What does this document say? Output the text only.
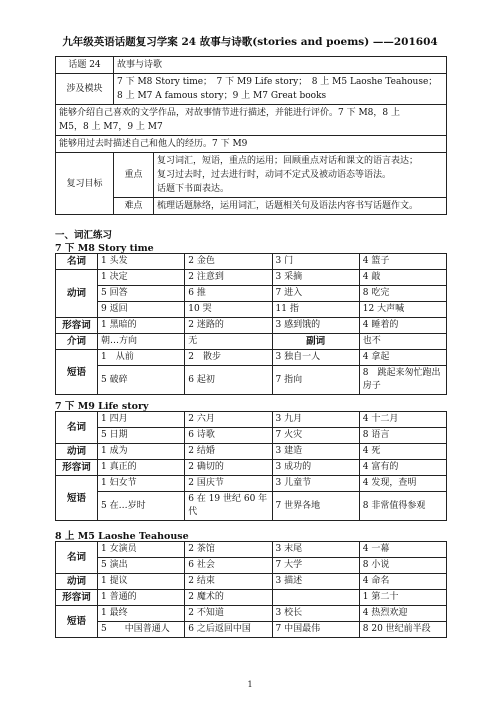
九年级英语话题复习学案 24 故事与诗歌(stories and poems) ——201604
话题 24	故事与诗歌	
涉及模块	7 下 M8 Story time；　7 下 M9 Life story；　8 上 M5 Laoshe Teahouse；
8 上 M7 A famous story；9 上 M7 Great books	

能够介绍自己喜欢的文学作品，对故事情节进行描述，并能进行评价。7 下 M8，8 上
M5，8 上 M7，9 上 M7		

能够用过去时描述自己和他人的经历。7 下 M9		
复习目标	重点	复习词汇，短语，重点的运用；回顾重点对话和课文的语言表达；
复习过去时，过去进行时，动词不定式及被动语态等语法。
话题下书面表达。

	难点	梳理话题脉络，运用词汇，话题相关句及语法内容书写话题作文。
一、词汇练习
7 下 M8 Story time
名词	1 头发	2 金色	3 门	4 篮子
动词	1 决定	2 注意到	3 采摘	4 敲
	5 回答	6 推	7 进入	8 吃完
	9 返回	10 哭	11 指	12 大声喊
形容词	1 黑暗的	2 迷路的	3 感到饿的	4 睡着的
介词	朝…方向	无	副词	也不
短语	1　从前	2　散步	3 独自一人	4 拿起
	5 破碎	6 起初	7 指向	8　跳起来匆忙跑出房子
7 下 M9 Life story
名词	1 四月	2 六月	3 九月	4 十二月
	5 日期	6 诗歌	7 火灾	8 语言
动词	1 成为	2 结婚	3 建造	4 死
形容词	1 真正的	2 确切的	3 成功的	4 富有的
短语	1 妇女节	2 国庆节	3 儿童节	4 发现，查明
	5 在…岁时	6 在 19 世纪 60 年代	7 世界各地	8 非常值得参观
8 上 M5 Laoshe Teahouse
名词	1 女演员	2 茶馆	3 末尾	4 一幕
	5 演出	6 社会	7 大学	8 小说
动词	1 提议	2 结束	3 描述	4 命名
形容词	1 普通的	2 魔术的		1 第二十
短语	1 最终	2 不知道	3 校长	4 热烈欢迎
	5　　中国普通人	6 之后返回中国	7 中国最伟	8 20 世纪前半段
1
